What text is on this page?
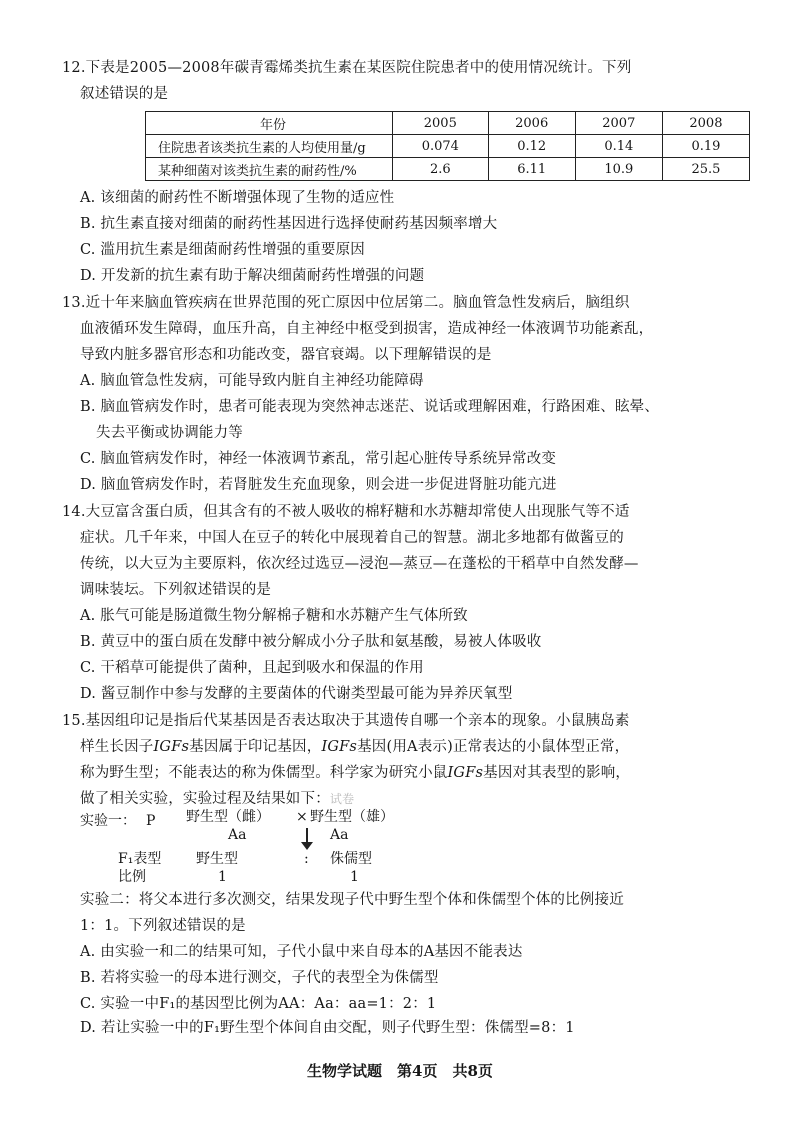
12.下表是2005—2008年碳青霉烯类抗生素在某医院住院患者中的使用情况统计。下列
叙述错误的是
年份	2005	2006	2007	2008
住院患者该类抗生素的人均使用量/g	0.074	0.12	0.14	0.19
某种细菌对该类抗生素的耐药性/%	2.6	6.11	10.9	25.5
A. 该细菌的耐药性不断增强体现了生物的适应性
B. 抗生素直接对细菌的耐药性基因进行选择使耐药基因频率增大
C. 滥用抗生素是细菌耐药性增强的重要原因
D. 开发新的抗生素有助于解决细菌耐药性增强的问题
13.近十年来脑血管疾病在世界范围的死亡原因中位居第二。脑血管急性发病后，脑组织
血液循环发生障碍，血压升高，自主神经中枢受到损害，造成神经一体液调节功能紊乱，
导致内脏多器官形态和功能改变，器官衰竭。以下理解错误的是
A. 脑血管急性发病，可能导致内脏自主神经功能障碍
B. 脑血管病发作时，患者可能表现为突然神志迷茫、说话或理解困难，行路困难、眩晕、
失去平衡或协调能力等
C. 脑血管病发作时，神经一体液调节紊乱，常引起心脏传导系统异常改变
D. 脑血管病发作时，若肾脏发生充血现象，则会进一步促进肾脏功能亢进
14.大豆富含蛋白质，但其含有的不被人吸收的棉籽糖和水苏糖却常使人出现胀气等不适
症状。几千年来，中国人在豆子的转化中展现着自己的智慧。湖北多地都有做酱豆的
传统，以大豆为主要原料，依次经过选豆—浸泡—蒸豆—在蓬松的干稻草中自然发酵—
调味装坛。下列叙述错误的是
A. 胀气可能是肠道微生物分解棉子糖和水苏糖产生气体所致
B. 黄豆中的蛋白质在发酵中被分解成小分子肽和氨基酸，易被人体吸收
C. 干稻草可能提供了菌种，且起到吸水和保温的作用
D. 酱豆制作中参与发酵的主要菌体的代谢类型最可能为异养厌氧型
15.基因组印记是指后代某基因是否表达取决于其遗传自哪一个亲本的现象。小鼠胰岛素
样生长因子IGFs基因属于印记基因，IGFs基因(用A表示)正常表达的小鼠体型正常，
称为野生型；不能表达的称为侏儒型。科学家为研究小鼠IGFs基因对其表型的影响，
做了相关实验，实验过程及结果如下：试卷
实验一： P 野生型（雌） × 野生型（雄）
Aa	Aa
F₁表型 野生型	: 侏儒型
比例	1	1
实验二：将父本进行多次测交，结果发现子代中野生型个体和侏儒型个体的比例接近
1：1。下列叙述错误的是
A. 由实验一和二的结果可知，子代小鼠中来自母本的A基因不能表达
B. 若将实验一的母本进行测交，子代的表型全为侏儒型
C. 实验一中F₁的基因型比例为AA：Aa：aa=1：2：1
D. 若让实验一中的F₁野生型个体间自由交配，则子代野生型：侏儒型=8：1
生物学试题　第4页　共8页
